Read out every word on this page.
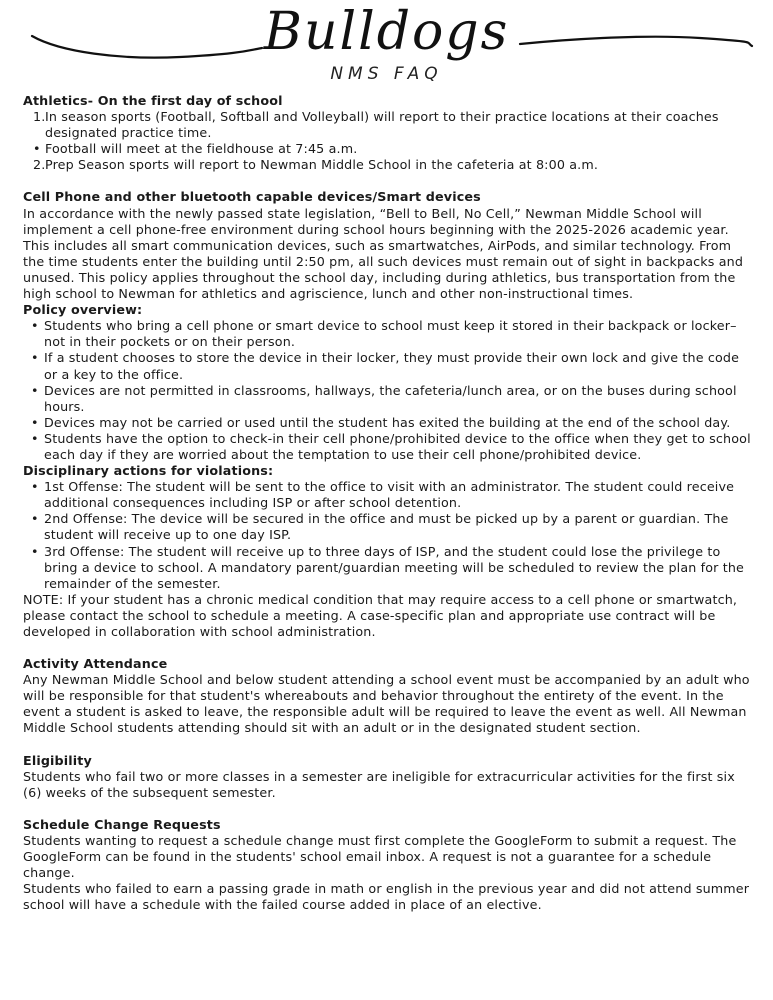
Bulldogs
NMS FAQ
Athletics- On the first day of school
1. In season sports (Football, Softball and Volleyball) will report to their practice locations at their coaches designated practice time.
• Football will meet at the fieldhouse at 7:45 a.m.
2. Prep Season sports will report to Newman Middle School in the cafeteria at 8:00 a.m.
Cell Phone and other bluetooth capable devices/Smart devices

In accordance with the newly passed state legislation, “Bell to Bell, No Cell,” Newman Middle School will implement a cell phone-free environment during school hours beginning with the 2025-2026 academic year. This includes all smart communication devices, such as smartwatches, AirPods, and similar technology. From the time students enter the building until 2:50 pm, all such devices must remain out of sight in backpacks and unused. This policy applies throughout the school day, including during athletics, bus transportation from the high school to Newman for athletics and agriscience, lunch and other non-instructional times.

Policy overview:
• Students who bring a cell phone or smart device to school must keep it stored in their backpack or locker–not in their pockets or on their person.
• If a student chooses to store the device in their locker, they must provide their own lock and give the code or a key to the office.
• Devices are not permitted in classrooms, hallways, the cafeteria/lunch area, or on the buses during school hours.
• Devices may not be carried or used until the student has exited the building at the end of the school day.
• Students have the option to check-in their cell phone/prohibited device to the office when they get to school each day if they are worried about the temptation to use their cell phone/prohibited device.
Disciplinary actions for violations:
• 1st Offense: The student will be sent to the office to visit with an administrator. The student could receive additional consequences including ISP or after school detention.
• 2nd Offense: The device will be secured in the office and must be picked up by a parent or guardian. The student will receive up to one day ISP.
• 3rd Offense: The student will receive up to three days of ISP, and the student could lose the privilege to bring a device to school. A mandatory parent/guardian meeting will be scheduled to review the plan for the remainder of the semester.

NOTE: If your student has a chronic medical condition that may require access to a cell phone or smartwatch, please contact the school to schedule a meeting. A case-specific plan and appropriate use contract will be developed in collaboration with school administration.

Activity Attendance

Any Newman Middle School and below student attending a school event must be accompanied by an adult who will be responsible for that student's whereabouts and behavior throughout the entirety of the event. In the event a student is asked to leave, the responsible adult will be required to leave the event as well. All Newman Middle School students attending should sit with an adult or in the designated student section.

Eligibility

Students who fail two or more classes in a semester are ineligible for extracurricular activities for the first six (6) weeks of the subsequent semester.

Schedule Change Requests

Students wanting to request a schedule change must first complete the GoogleForm to submit a request. The GoogleForm can be found in the students' school email inbox. A request is not a guarantee for a schedule change.

Students who failed to earn a passing grade in math or english in the previous year and did not attend summer school will have a schedule with the failed course added in place of an elective.
